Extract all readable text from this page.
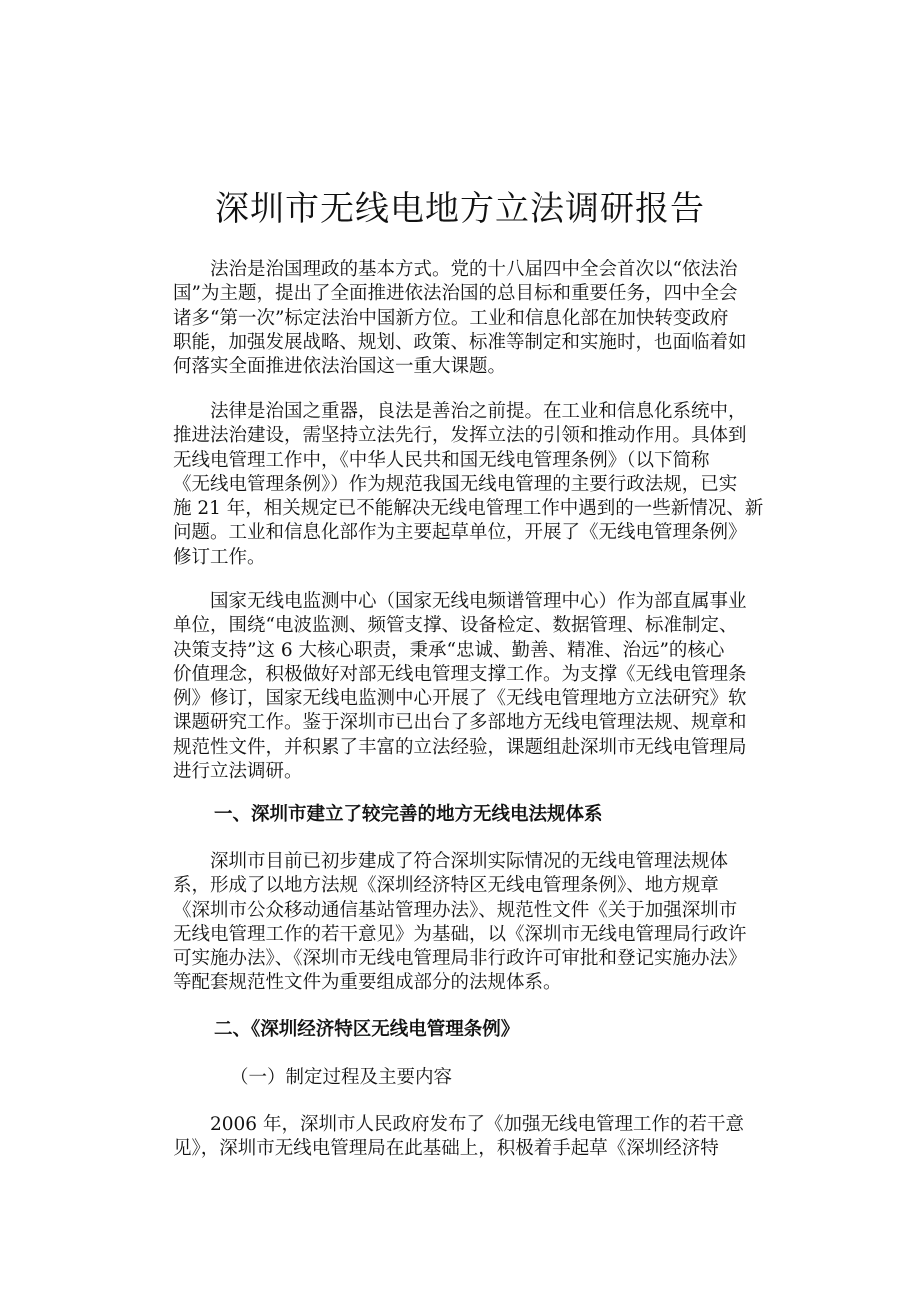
深圳市无线电地方立法调研报告
　　法治是治国理政的基本方式。党的十八届四中全会首次以“依法治
国”为主题，提出了全面推进依法治国的总目标和重要任务，四中全会
诸多“第一次”标定法治中国新方位。工业和信息化部在加快转变政府
职能，加强发展战略、规划、政策、标准等制定和实施时，也面临着如
何落实全面推进依法治国这一重大课题。
　　法律是治国之重器，良法是善治之前提。在工业和信息化系统中，
推进法治建设，需坚持立法先行，发挥立法的引领和推动作用。具体到
无线电管理工作中，《中华人民共和国无线电管理条例》（以下简称
《无线电管理条例》）作为规范我国无线电管理的主要行政法规，已实
施 21 年，相关规定已不能解决无线电管理工作中遇到的一些新情况、新
问题。工业和信息化部作为主要起草单位，开展了《无线电管理条例》
修订工作。
　　国家无线电监测中心（国家无线电频谱管理中心）作为部直属事业
单位，围绕“电波监测、频管支撑、设备检定、数据管理、标准制定、
决策支持”这 6 大核心职责，秉承“忠诚、勤善、精准、治远”的核心
价值理念，积极做好对部无线电管理支撑工作。为支撑《无线电管理条
例》修订，国家无线电监测中心开展了《无线电管理地方立法研究》软
课题研究工作。鉴于深圳市已出台了多部地方无线电管理法规、规章和
规范性文件，并积累了丰富的立法经验，课题组赴深圳市无线电管理局
进行立法调研。
一、深圳市建立了较完善的地方无线电法规体系
　　深圳市目前已初步建成了符合深圳实际情况的无线电管理法规体
系，形成了以地方法规《深圳经济特区无线电管理条例》、地方规章
《深圳市公众移动通信基站管理办法》、规范性文件《关于加强深圳市
无线电管理工作的若干意见》为基础，以《深圳市无线电管理局行政许
可实施办法》、《深圳市无线电管理局非行政许可审批和登记实施办法》
等配套规范性文件为重要组成部分的法规体系。
二、《深圳经济特区无线电管理条例》
（一）制定过程及主要内容
　　2006 年，深圳市人民政府发布了《加强无线电管理工作的若干意
见》，深圳市无线电管理局在此基础上，积极着手起草《深圳经济特
